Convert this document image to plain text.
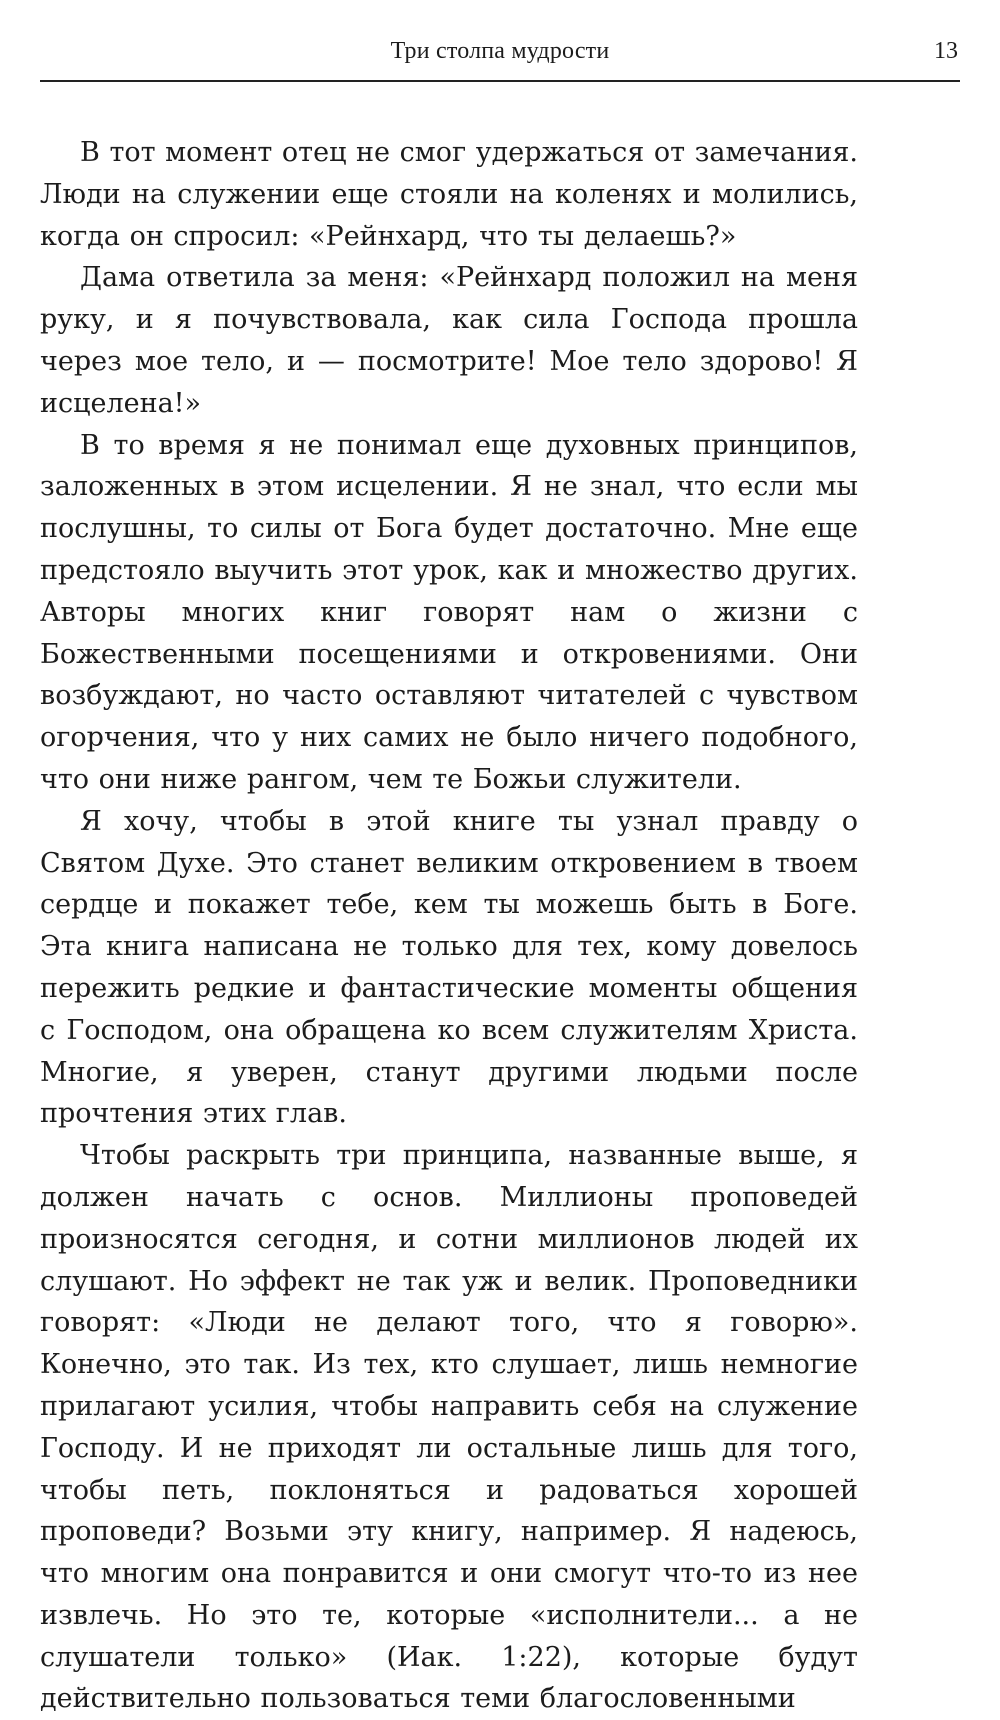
Три столпа мудрости	13

В тот момент отец не смог удержаться от замечания. Люди на служении еще стояли на коленях и молились, когда он спросил: «Рейнхард, что ты делаешь?»

Дама ответила за меня: «Рейнхард положил на меня руку, и я почувствовала, как сила Господа прошла через мое тело, и — посмотрите! Мое тело здорово! Я исцелена!»

В то время я не понимал еще духовных принципов, заложенных в этом исцелении. Я не знал, что если мы послушны, то силы от Бога будет достаточно. Мне еще предстояло выучить этот урок, как и множество других. Авторы многих книг говорят нам о жизни с Божественными посещениями и откровениями. Они возбуждают, но часто оставляют читателей с чувством огорчения, что у них самих не было ничего подобного, что они ниже рангом, чем те Божьи служители.

Я хочу, чтобы в этой книге ты узнал правду о Святом Духе. Это станет великим откровением в твоем сердце и покажет тебе, кем ты можешь быть в Боге. Эта книга написана не только для тех, кому довелось пережить редкие и фантастические моменты общения с Господом, она обращена ко всем служителям Христа. Многие, я уверен, станут другими людьми после прочтения этих глав.

Чтобы раскрыть три принципа, названные выше, я должен начать с основ. Миллионы проповедей произносятся сегодня, и сотни миллионов людей их слушают. Но эффект не так уж и велик. Проповедники говорят: «Люди не делают того, что я говорю». Конечно, это так. Из тех, кто слушает, лишь немногие прилагают усилия, чтобы направить себя на служение Господу. И не приходят ли остальные лишь для того, чтобы петь, поклоняться и радоваться хорошей проповеди? Возьми эту книгу, например. Я надеюсь, что многим она понравится и они смогут что-то из нее извлечь. Но это те, которые «исполнители... а не слушатели только» (Иак. 1:22), которые будут действительно пользоваться теми благословенными
